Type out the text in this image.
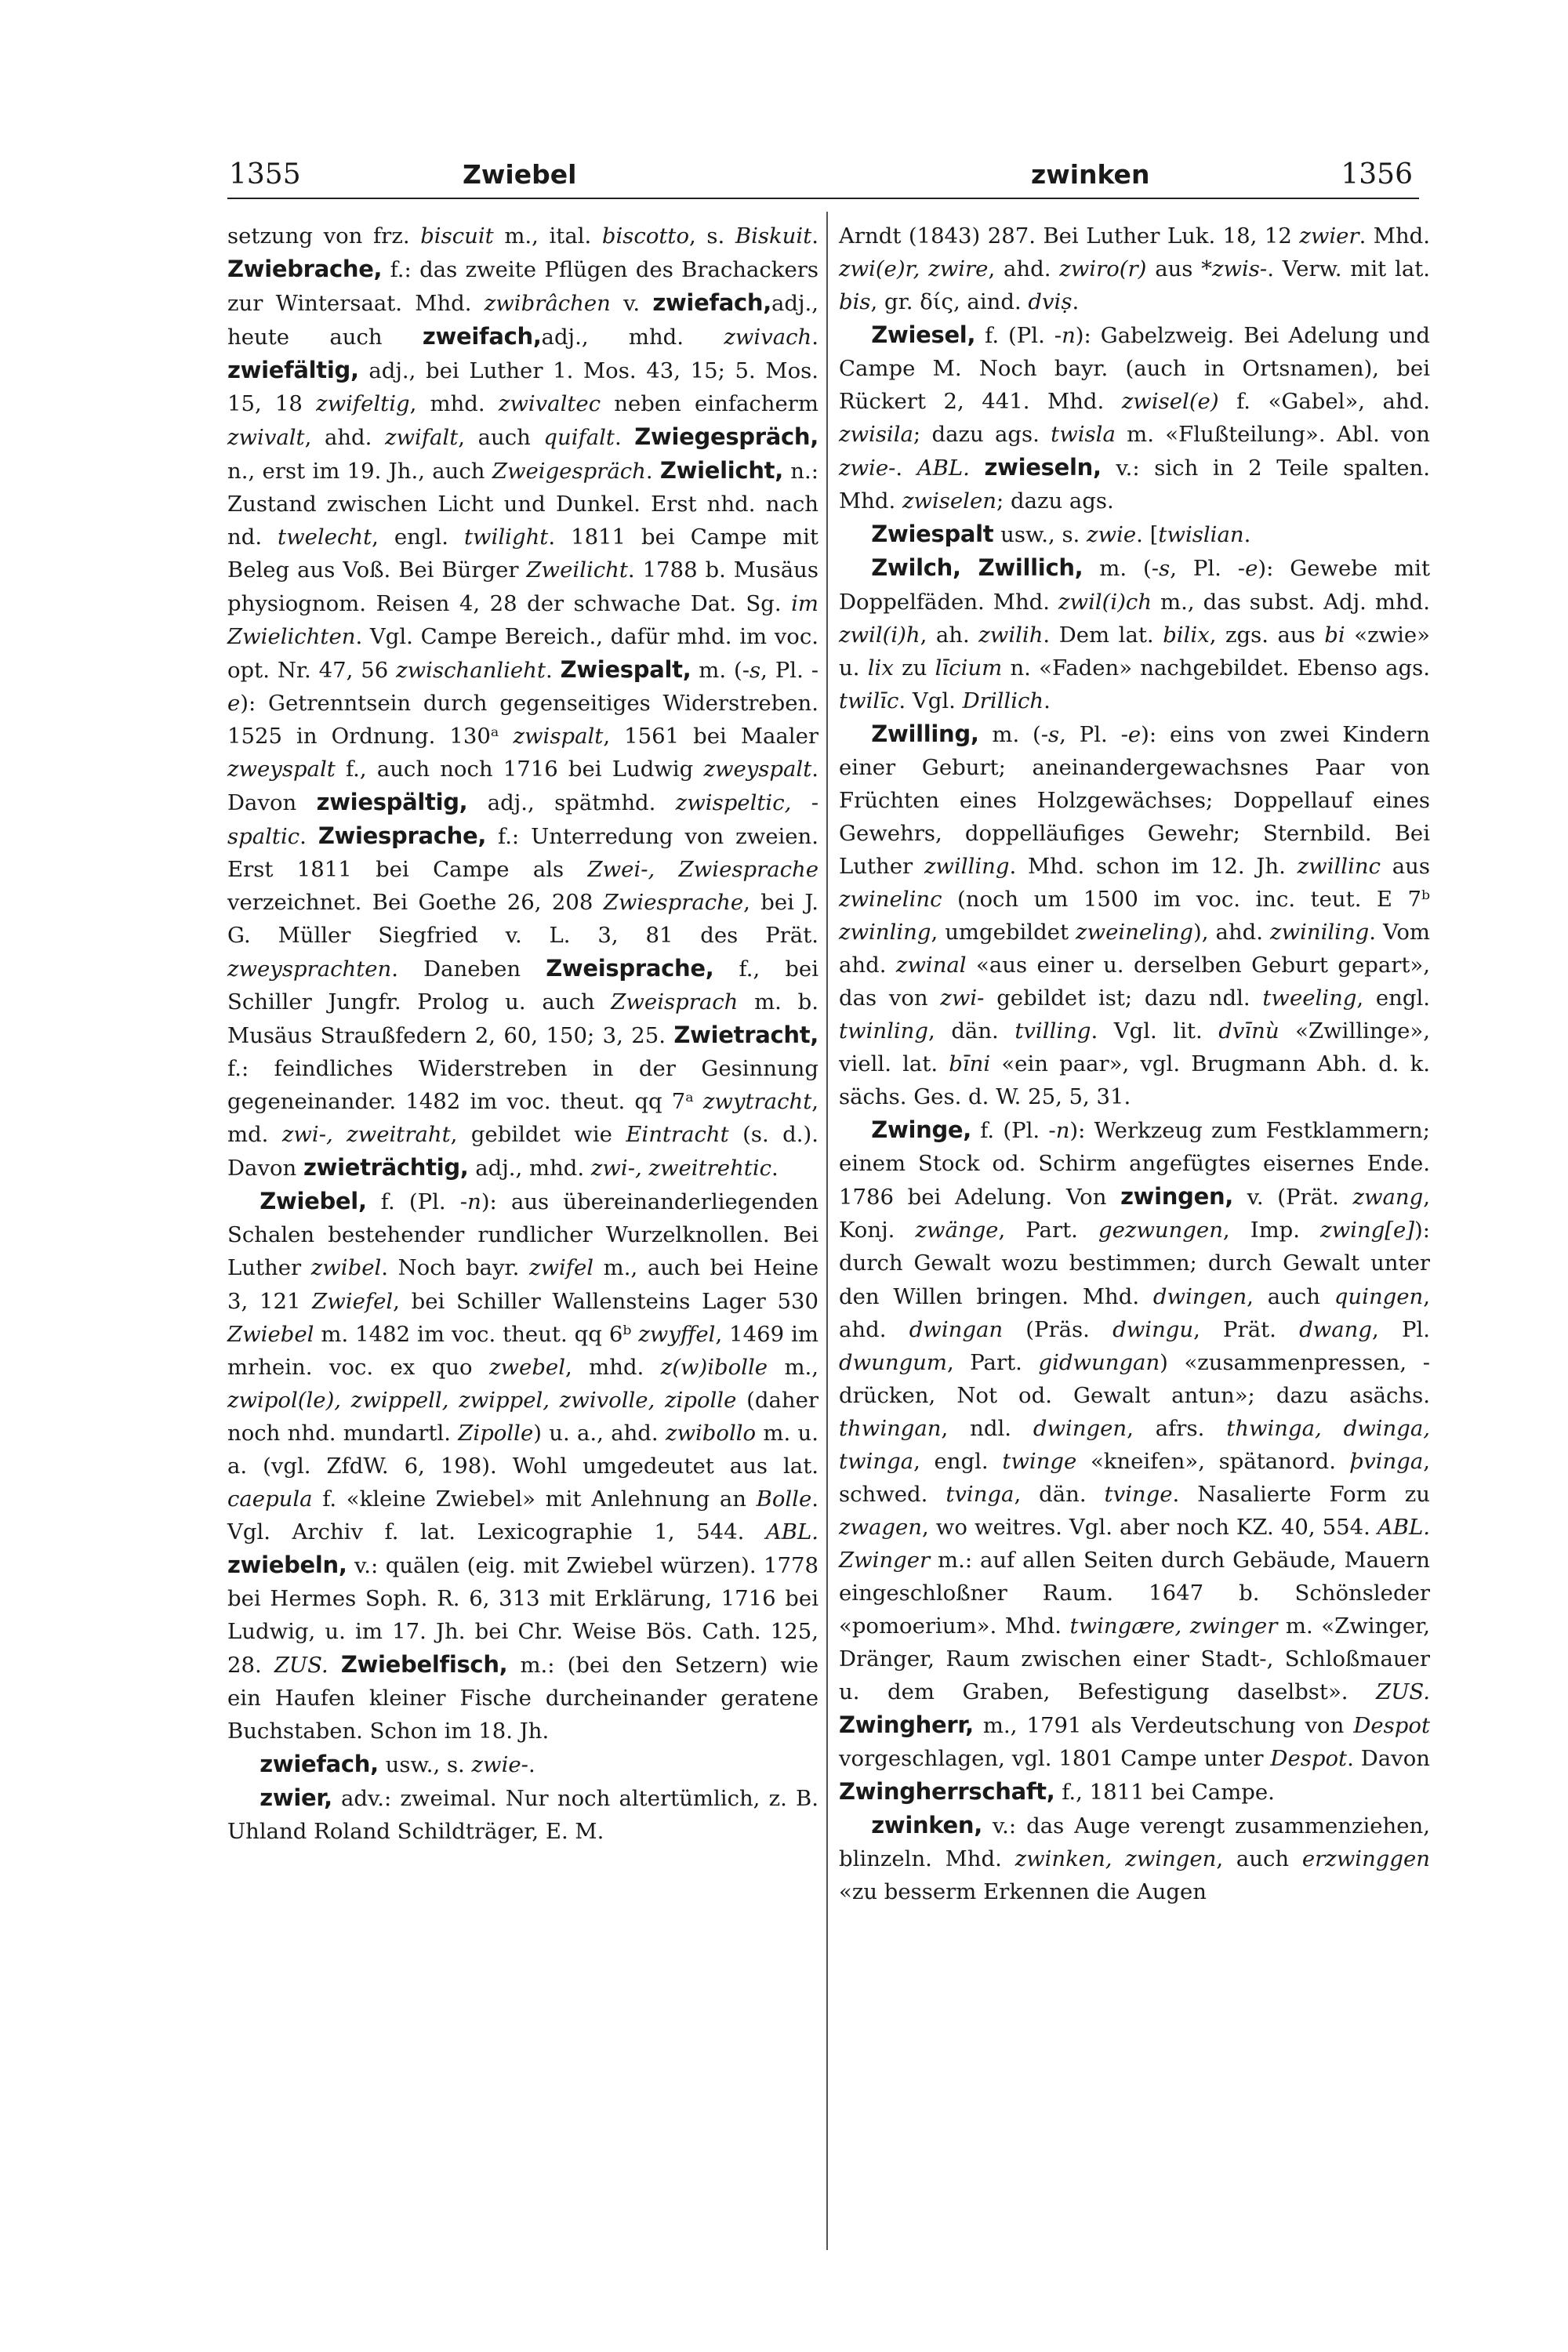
1355	Zwiebel	zwinken	1356

setzung von frz. biscuit m., ital. biscotto, s. Biskuit. Zwiebrache, f.: das zweite Pflügen des Brachackers zur Wintersaat. Mhd. zwibrâchen v. zwiefach,adj., heute auch zweifach,adj., mhd. zwivach. zwiefältig, adj., bei Luther 1. Mos. 43, 15; 5. Mos. 15, 18 zwifeltig, mhd. zwivaltec neben einfacherm zwivalt, ahd. zwifalt, auch quifalt. Zwiegespräch, n., erst im 19. Jh., auch Zweigespräch. Zwielicht, n.: Zustand zwischen Licht und Dunkel. Erst nhd. nach nd. twelecht, engl. twilight. 1811 bei Campe mit Beleg aus Voß. Bei Bürger Zweilicht. 1788 b. Musäus physiognom. Reisen 4, 28 der schwache Dat. Sg. im Zwielichten. Vgl. Campe Bereich., dafür mhd. im voc. opt. Nr. 47, 56 zwischanlieht. Zwiespalt, m. (-s, Pl. -e): Getrenntsein durch gegenseitiges Widerstreben. 1525 in Ordnung. 130ᵃ zwispalt, 1561 bei Maaler zweyspalt f., auch noch 1716 bei Ludwig zweyspalt. Davon zwiespältig, adj., spätmhd. zwispeltic, -spaltic. Zwiesprache, f.: Unterredung von zweien. Erst 1811 bei Campe als Zwei-, Zwiesprache verzeichnet. Bei Goethe 26, 208 Zwiesprache, bei J. G. Müller Siegfried v. L. 3, 81 des Prät. zweysprachten. Daneben Zweisprache, f., bei Schiller Jungfr. Prolog u. auch Zweisprach m. b. Musäus Straußfedern 2, 60, 150; 3, 25. Zwietracht, f.: feindliches Widerstreben in der Gesinnung gegeneinander. 1482 im voc. theut. qq 7ᵃ zwytracht, md. zwi-, zweitraht, gebildet wie Eintracht (s. d.). Davon zwieträchtig, adj., mhd. zwi-, zweitrehtic.

Zwiebel, f. (Pl. -n): aus übereinanderliegenden Schalen bestehender rundlicher Wurzelknollen. Bei Luther zwibel. Noch bayr. zwifel m., auch bei Heine 3, 121 Zwiefel, bei Schiller Wallensteins Lager 530 Zwiebel m. 1482 im voc. theut. qq 6ᵇ zwyffel, 1469 im mrhein. voc. ex quo zwebel, mhd. z(w)ibolle m., zwipol(le), zwippell, zwippel, zwivolle, zipolle (daher noch nhd. mundartl. Zipolle) u. a., ahd. zwibollo m. u. a. (vgl. ZfdW. 6, 198). Wohl umgedeutet aus lat. caepula f. «kleine Zwiebel» mit Anlehnung an Bolle. Vgl. Archiv f. lat. Lexicographie 1, 544. ABL. zwiebeln, v.: quälen (eig. mit Zwiebel würzen). 1778 bei Hermes Soph. R. 6, 313 mit Erklärung, 1716 bei Ludwig, u. im 17. Jh. bei Chr. Weise Bös. Cath. 125, 28. ZUS. Zwiebelfisch, m.: (bei den Setzern) wie ein Haufen kleiner Fische durcheinander geratene Buchstaben. Schon im 18. Jh.

zwiefach, usw., s. zwie-.

zwier, adv.: zweimal. Nur noch altertümlich, z. B. Uhland Roland Schildträger, E. M.

Arndt (1843) 287. Bei Luther Luk. 18, 12 zwier. Mhd. zwi(e)r, zwire, ahd. zwiro(r) aus *zwis-. Verw. mit lat. bis, gr. δίς, aind. dviṣ.

Zwiesel, f. (Pl. -n): Gabelzweig. Bei Adelung und Campe M. Noch bayr. (auch in Ortsnamen), bei Rückert 2, 441. Mhd. zwisel(e) f. «Gabel», ahd. zwisila; dazu ags. twisla m. «Flußteilung». Abl. von zwie-. ABL. zwieseln, v.: sich in 2 Teile spalten. Mhd. zwiselen; dazu ags.

Zwiespalt usw., s. zwie. [twislian.

Zwilch, Zwillich, m. (-s, Pl. -e): Gewebe mit Doppelfäden. Mhd. zwil(i)ch m., das subst. Adj. mhd. zwil(i)h, ah. zwilih. Dem lat. bilix, zgs. aus bi «zwie» u. lix zu līcium n. «Faden» nachgebildet. Ebenso ags. twilīc. Vgl. Drillich.

Zwilling, m. (-s, Pl. -e): eins von zwei Kindern einer Geburt; aneinandergewachsnes Paar von Früchten eines Holzgewächses; Doppellauf eines Gewehrs, doppelläufiges Gewehr; Sternbild. Bei Luther zwilling. Mhd. schon im 12. Jh. zwillinc aus zwinelinc (noch um 1500 im voc. inc. teut. E 7ᵇ zwinling, umgebildet zweineling), ahd. zwiniling. Vom ahd. zwinal «aus einer u. derselben Geburt gepart», das von zwi- gebildet ist; dazu ndl. tweeling, engl. twinling, dän. tvilling. Vgl. lit. dvīnù «Zwillinge», viell. lat. bīni «ein paar», vgl. Brugmann Abh. d. k. sächs. Ges. d. W. 25, 5, 31.

Zwinge, f. (Pl. -n): Werkzeug zum Festklammern; einem Stock od. Schirm angefügtes eisernes Ende. 1786 bei Adelung. Von zwingen, v. (Prät. zwang, Konj. zwänge, Part. gezwungen, Imp. zwing[e]): durch Gewalt wozu bestimmen; durch Gewalt unter den Willen bringen. Mhd. dwingen, auch quingen, ahd. dwingan (Präs. dwingu, Prät. dwang, Pl. dwungum, Part. gidwungan) «zusammenpressen, -drücken, Not od. Gewalt antun»; dazu asächs. thwingan, ndl. dwingen, afrs. thwinga, dwinga, twinga, engl. twinge «kneifen», spätanord. þvinga, schwed. tvinga, dän. tvinge. Nasalierte Form zu zwagen, wo weitres. Vgl. aber noch KZ. 40, 554. ABL. Zwinger m.: auf allen Seiten durch Gebäude, Mauern eingeschloßner Raum. 1647 b. Schönsleder «pomoerium». Mhd. twingære, zwinger m. «Zwinger, Dränger, Raum zwischen einer Stadt-, Schloßmauer u. dem Graben, Befestigung daselbst». ZUS. Zwingherr, m., 1791 als Verdeutschung von Despot vorgeschlagen, vgl. 1801 Campe unter Despot. Davon Zwingherrschaft, f., 1811 bei Campe.

zwinken, v.: das Auge verengt zusammenziehen, blinzeln. Mhd. zwinken, zwingen, auch erzwinggen «zu besserm Erkennen die Augen
